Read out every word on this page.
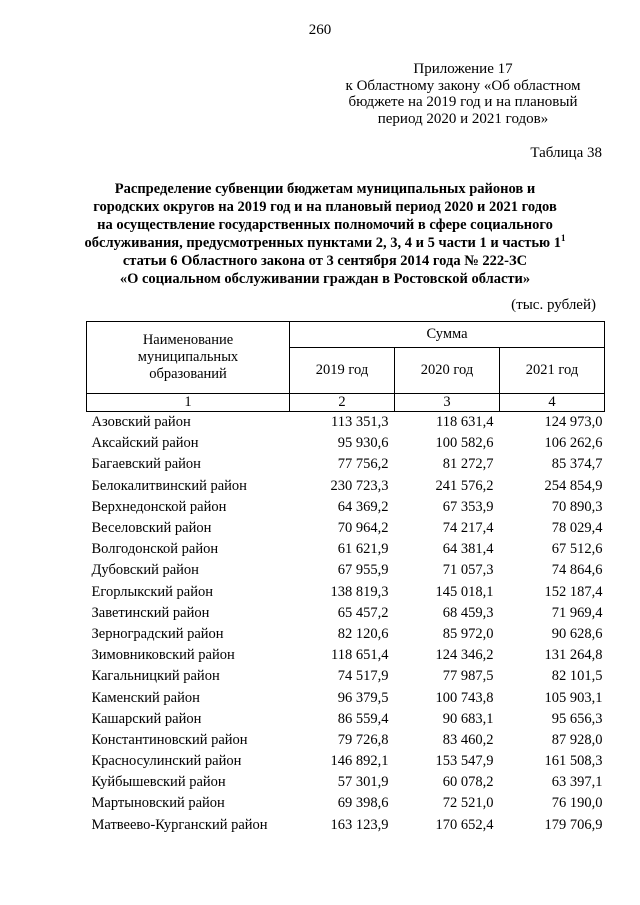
260
Приложение 17
к Областному закону «Об областном
бюджете на 2019 год и на плановый
период 2020 и 2021 годов»
Таблица 38
Распределение субвенции бюджетам муниципальных районов и
городских округов на 2019 год и на плановый период 2020 и 2021 годов
на осуществление государственных полномочий в сфере социального
обслуживания, предусмотренных пунктами 2, 3, 4 и 5 части 1 и частью $1^1$
статьи 6 Областного закона от 3 сентября 2014 года № 222-ЗС
«О социальном обслуживании граждан в Ростовской области»
(тыс. рублей)
Наименование муниципальных образований	Сумма		
	2019 год	2020 год	2021 год
1	2	3	4
Азовский район	113 351,3	118 631,4	124 973,0
Аксайский район	95 930,6	100 582,6	106 262,6
Багаевский район	77 756,2	81 272,7	85 374,7
Белокалитвинский район	230 723,3	241 576,2	254 854,9
Верхнедонской район	64 369,2	67 353,9	70 890,3
Веселовский район	70 964,2	74 217,4	78 029,4
Волгодонской район	61 621,9	64 381,4	67 512,6
Дубовский район	67 955,9	71 057,3	74 864,6
Егорлыкский район	138 819,3	145 018,1	152 187,4
Заветинский район	65 457,2	68 459,3	71 969,4
Зерноградский район	82 120,6	85 972,0	90 628,6
Зимовниковский район	118 651,4	124 346,2	131 264,8
Кагальницкий район	74 517,9	77 987,5	82 101,5
Каменский район	96 379,5	100 743,8	105 903,1
Кашарский район	86 559,4	90 683,1	95 656,3
Константиновский район	79 726,8	83 460,2	87 928,0
Красносулинский район	146 892,1	153 547,9	161 508,3
Куйбышевский район	57 301,9	60 078,2	63 397,1
Мартыновский район	69 398,6	72 521,0	76 190,0
Матвеево-Курганский район	163 123,9	170 652,4	179 706,9
